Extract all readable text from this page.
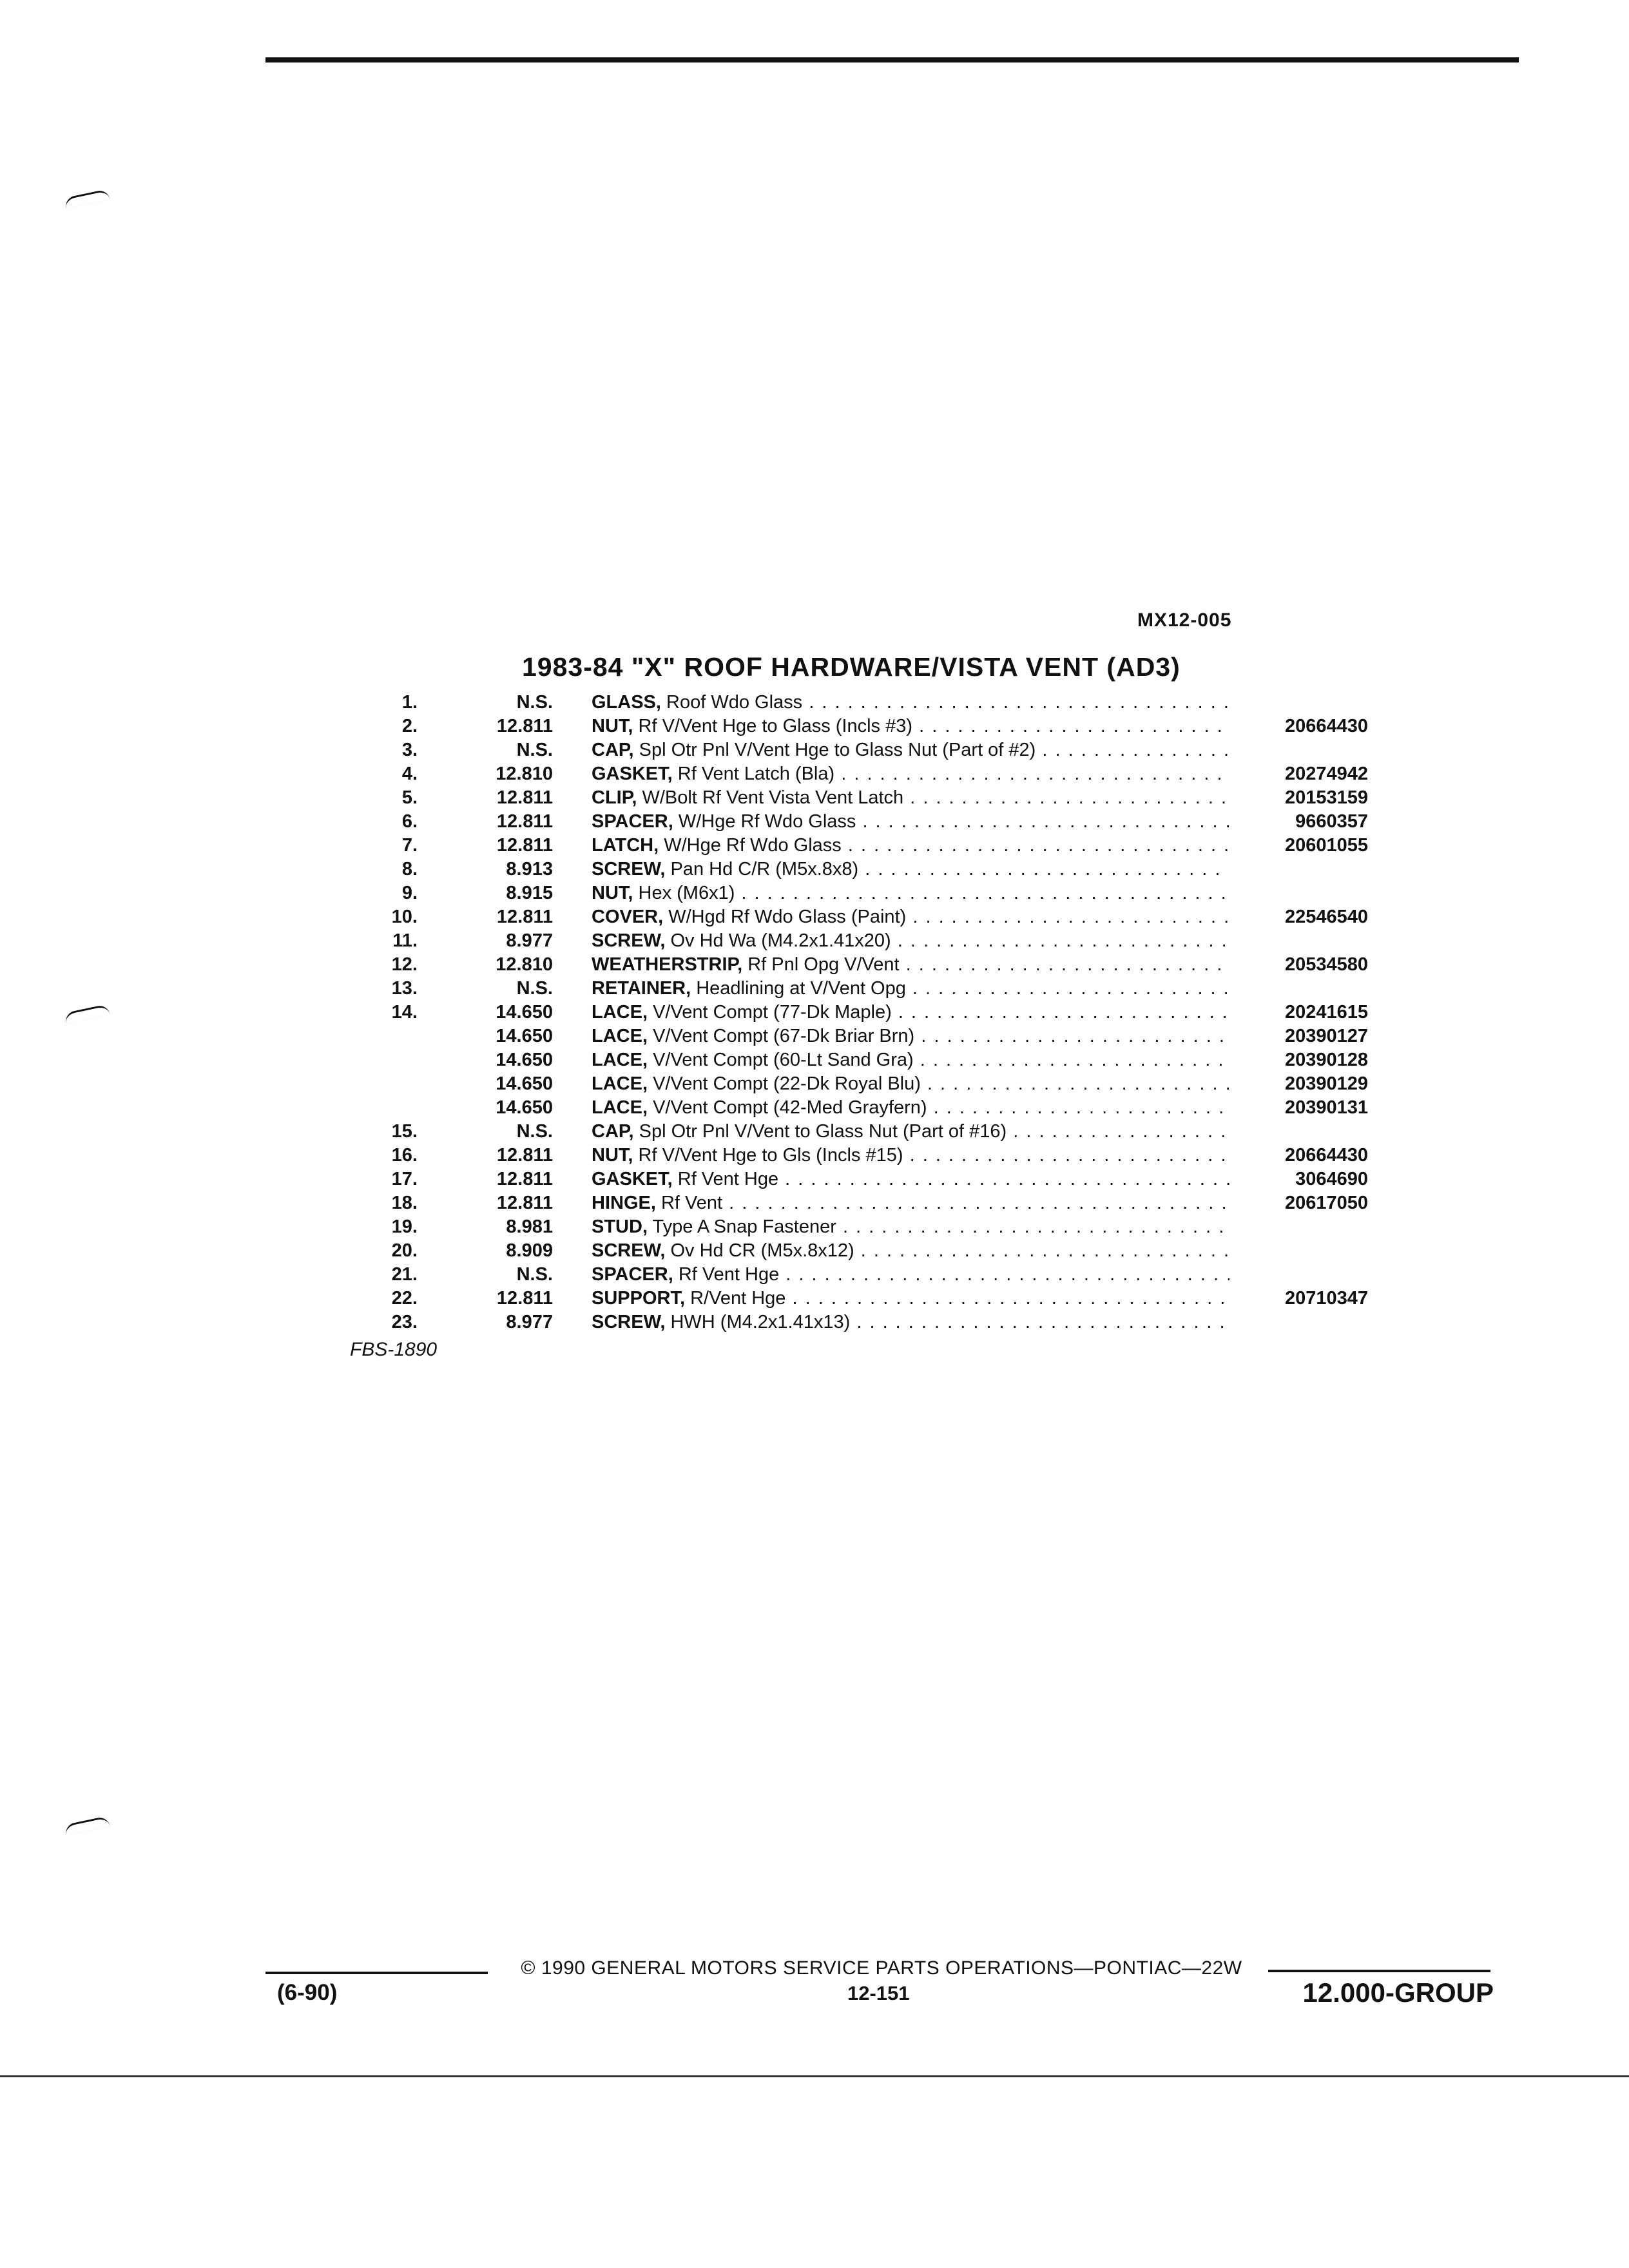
MX12-005
1983-84 "X" ROOF HARDWARE/VISTA VENT (AD3)
1.	N.S. GLASS, Roof Wdo Glass . . .
2.	12.811 NUT, Rf V/Vent Hge to Glass (Incls #3) . . .	20664430
3.	N.S. CAP, Spl Otr Pnl V/Vent Hge to Glass Nut (Part of #2) . . .
4.	12.810 GASKET, Rf Vent Latch (Bla) . . .	20274942
5.	12.811 CLIP, W/Bolt Rf Vent Vista Vent Latch . . .	20153159
6.	12.811 SPACER, W/Hge Rf Wdo Glass . . .	9660357
7.	12.811 LATCH, W/Hge Rf Wdo Glass . . .	20601055
8.	8.913 SCREW, Pan Hd C/R (M5x.8x8) . . .
9.	8.915 NUT, Hex (M6x1) . . .
10.	12.811 COVER, W/Hgd Rf Wdo Glass (Paint) . . .	22546540
11.	8.977 SCREW, Ov Hd Wa (M4.2x1.41x20) . . .
12.	12.810 WEATHERSTRIP, Rf Pnl Opg V/Vent . . .	20534580
13.	N.S. RETAINER, Headlining at V/Vent Opg . . .
14.	14.650 LACE, V/Vent Compt (77-Dk Maple) . . .	20241615
14.650 LACE, V/Vent Compt (67-Dk Briar Brn) . . .	20390127
14.650 LACE, V/Vent Compt (60-Lt Sand Gra) . . .	20390128
14.650 LACE, V/Vent Compt (22-Dk Royal Blu) . . .	20390129
14.650 LACE, V/Vent Compt (42-Med Grayfern) . . .	20390131
15.	N.S. CAP, Spl Otr Pnl V/Vent to Glass Nut (Part of #16) . . .
16.	12.811 NUT, Rf V/Vent Hge to Gls (Incls #15) . . .	20664430
17.	12.811 GASKET, Rf Vent Hge . . .	3064690
18.	12.811 HINGE, Rf Vent . . .	20617050
19.	8.981 STUD, Type A Snap Fastener . . .
20.	8.909 SCREW, Ov Hd CR (M5x.8x12) . . .
21.	N.S. SPACER, Rf Vent Hge . . .
22.	12.811 SUPPORT, R/Vent Hge . . .	20710347
23.	8.977 SCREW, HWH (M4.2x1.41x13) . . .
FBS-1890
© 1990 GENERAL MOTORS SERVICE PARTS OPERATIONS—PONTIAC—22W
(6-90)	12-151	12.000-GROUP
